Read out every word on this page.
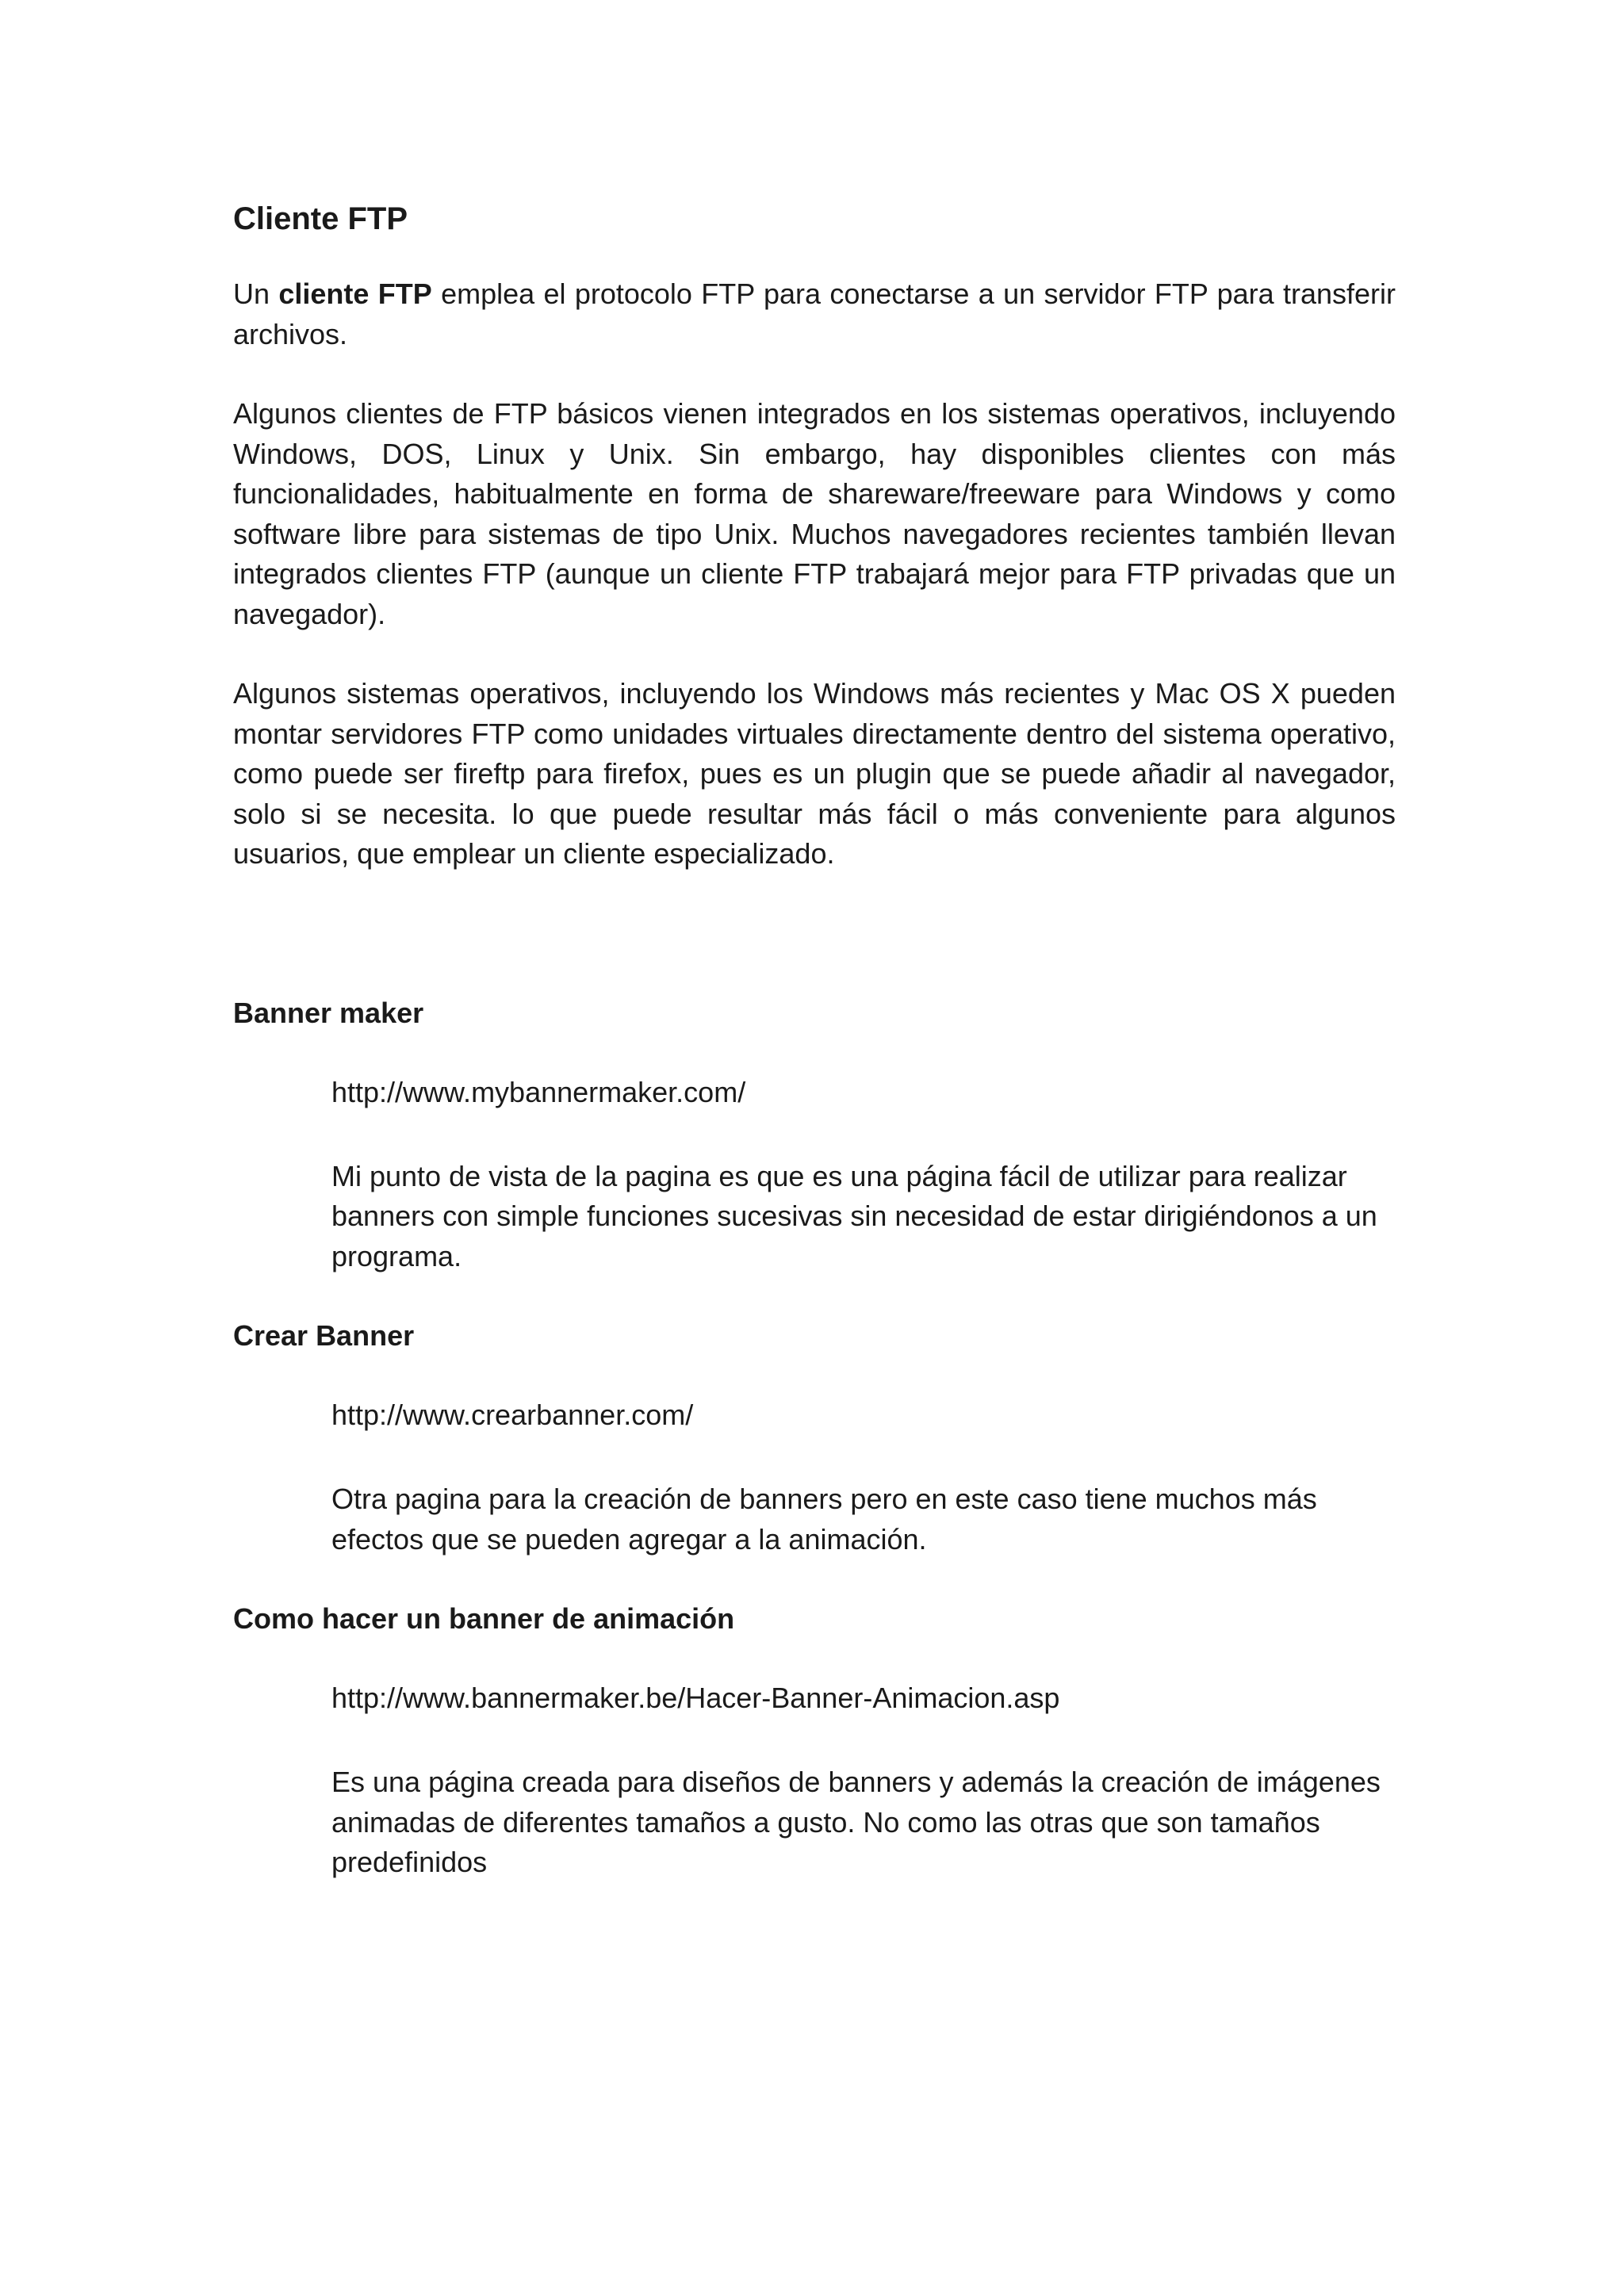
Cliente FTP

Un cliente FTP emplea el protocolo FTP para conectarse a un servidor FTP para transferir archivos.

Algunos clientes de FTP básicos vienen integrados en los sistemas operativos, incluyendo Windows, DOS, Linux y Unix. Sin embargo, hay disponibles clientes con más funcionalidades, habitualmente en forma de shareware/freeware para Windows y como software libre para sistemas de tipo Unix. Muchos navegadores recientes también llevan integrados clientes FTP (aunque un cliente FTP trabajará mejor para FTP privadas que un navegador).

Algunos sistemas operativos, incluyendo los Windows más recientes y Mac OS X pueden montar servidores FTP como unidades virtuales directamente dentro del sistema operativo, como puede ser fireftp para firefox, pues es un plugin que se puede añadir al navegador, solo si se necesita. lo que puede resultar más fácil o más conveniente para algunos usuarios, que emplear un cliente especializado.

Banner maker
http://www.mybannermaker.com/
Mi punto de vista de la pagina es que es una página fácil de utilizar para realizar banners con simple funciones sucesivas sin necesidad de estar dirigiéndonos a un programa.
Crear Banner
http://www.crearbanner.com/
Otra pagina para la creación de banners pero en este caso tiene muchos más efectos que se pueden agregar a la animación.
Como hacer un banner de animación
http://www.bannermaker.be/Hacer-Banner-Animacion.asp
Es una página creada para diseños de banners y además la creación de imágenes animadas de diferentes tamaños a gusto. No como las otras que son tamaños predefinidos
